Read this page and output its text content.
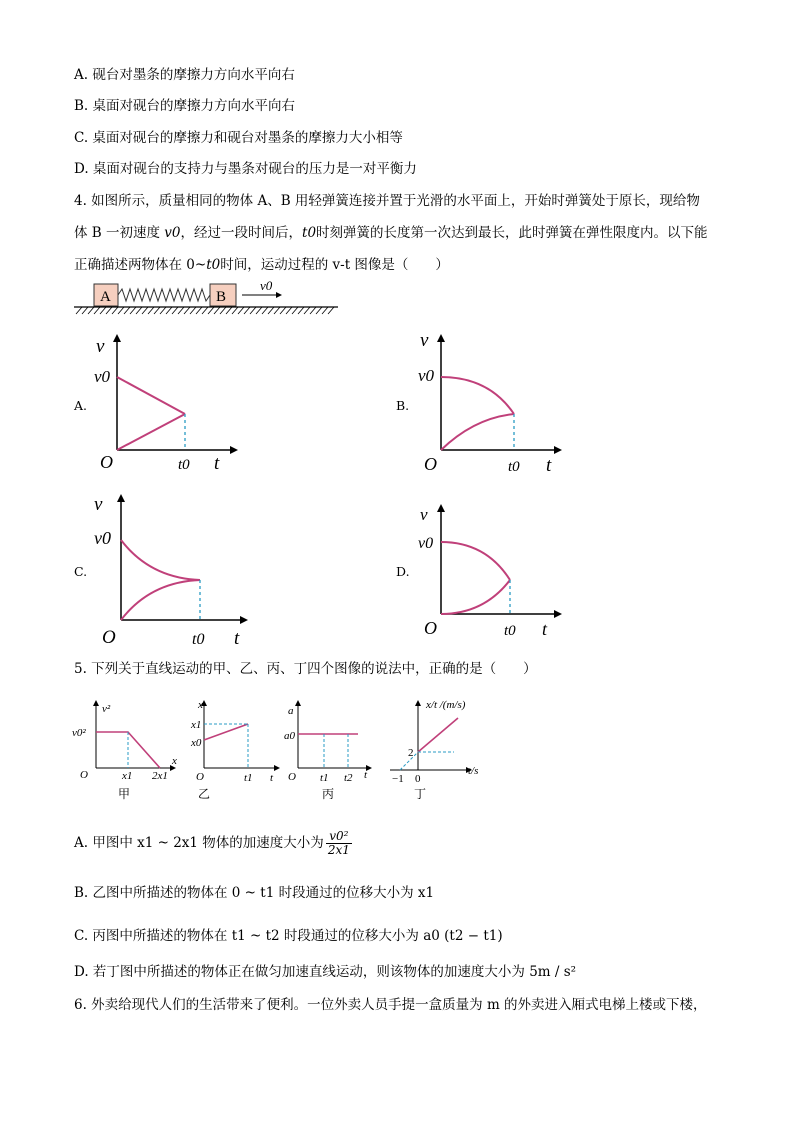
A. 砚台对墨条的摩擦力方向水平向右
B. 桌面对砚台的摩擦力方向水平向右
C. 桌面对砚台的摩擦力和砚台对墨条的摩擦力大小相等
D. 桌面对砚台的支持力与墨条对砚台的压力是一对平衡力
4. 如图所示，质量相同的物体 A、B 用轻弹簧连接并置于光滑的水平面上，开始时弹簧处于原长，现给物
体 B 一初速度 v0，经过一段时间后，t0时刻弹簧的长度第一次达到最长，此时弹簧在弹性限度内。以下能
正确描述两物体在 0~t0时间，运动过程的 v-t 图像是（　　）
A	B
v0
A.	B.
C.	D.
v
v0
O	t0 t
v
v0
O	t0 t
v
v0
O	t0 t
v
v0
O	t0 t
5. 下列关于直线运动的甲、乙、丙、丁四个图像的说法中，正确的是（　　）
v²
v0²
x
O	x1 2x1
甲
x
x1
x0
O	t1 t
乙
a
a0
O t1 t2 t
丙
x/t /(m/s)
2
−1 0
t/s
丁
A. 甲图中 x1 ~ 2x1 物体的加速度大小为 $\frac{\text{v0²}}{2x1}$
B. 乙图中所描述的物体在 0 ~ t1 时段通过的位移大小为 x1
C. 丙图中所描述的物体在 t1 ~ t2 时段通过的位移大小为 a0 (t2 − t1)
D. 若丁图中所描述的物体正在做匀加速直线运动，则该物体的加速度大小为 5m / s²
6. 外卖给现代人们的生活带来了便利。一位外卖人员手提一盒质量为 m 的外卖进入厢式电梯上楼或下楼，
